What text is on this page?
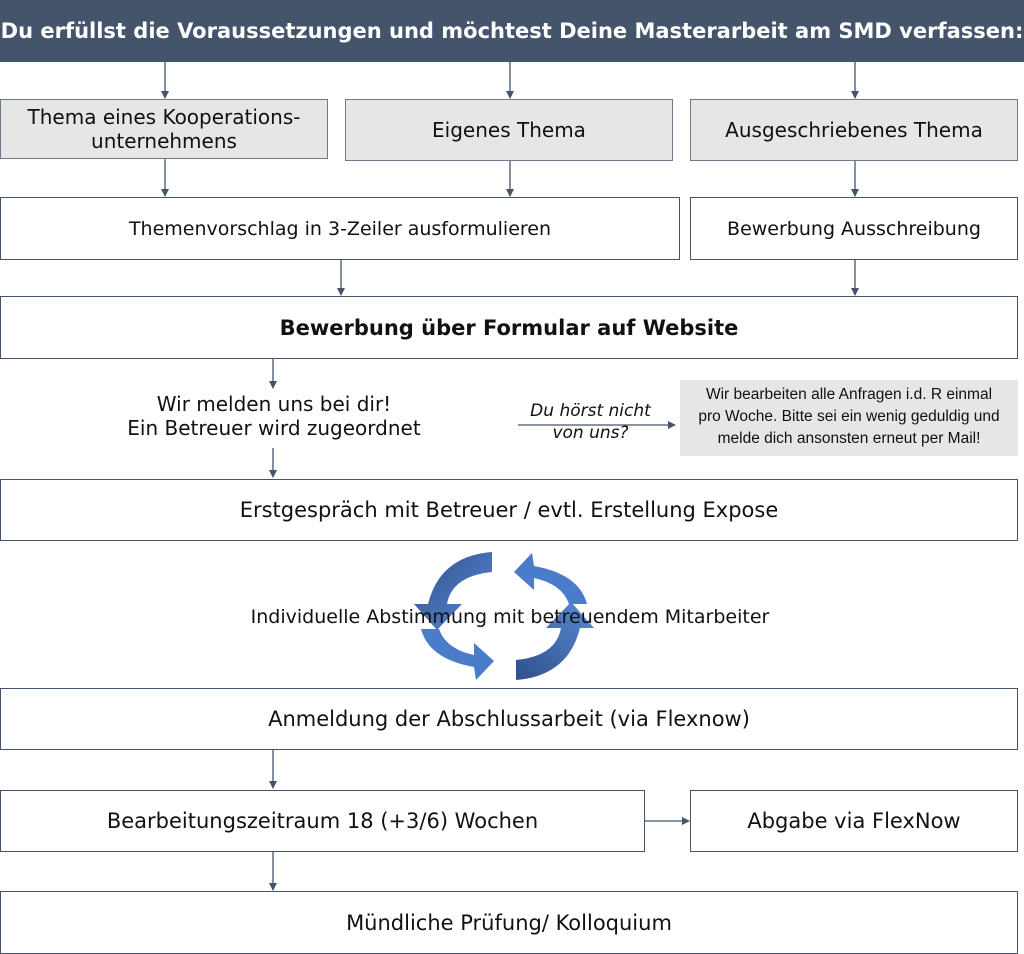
Du erfüllst die Voraussetzungen und möchtest Deine Masterarbeit am SMD verfassen:
Thema eines Kooperations-
unternehmens	Eigenes Thema	Ausgeschriebenes Thema
Themenvorschlag in 3-Zeiler ausformulieren	Bewerbung Ausschreibung
Bewerbung über Formular auf Website
Wir melden uns bei dir!
Ein Betreuer wird zugeordnet
Du hörst nicht
von uns?
Wir bearbeiten alle Anfragen i.d. R einmal
pro Woche. Bitte sei ein wenig geduldig und
melde dich ansonsten erneut per Mail!
Erstgespräch mit Betreuer / evtl. Erstellung Expose
Individuelle Abstimmung mit betreuendem Mitarbeiter
Anmeldung der Abschlussarbeit (via Flexnow)
Bearbeitungszeitraum 18 (+3/6) Wochen	Abgabe via FlexNow
Mündliche Prüfung/ Kolloquium
